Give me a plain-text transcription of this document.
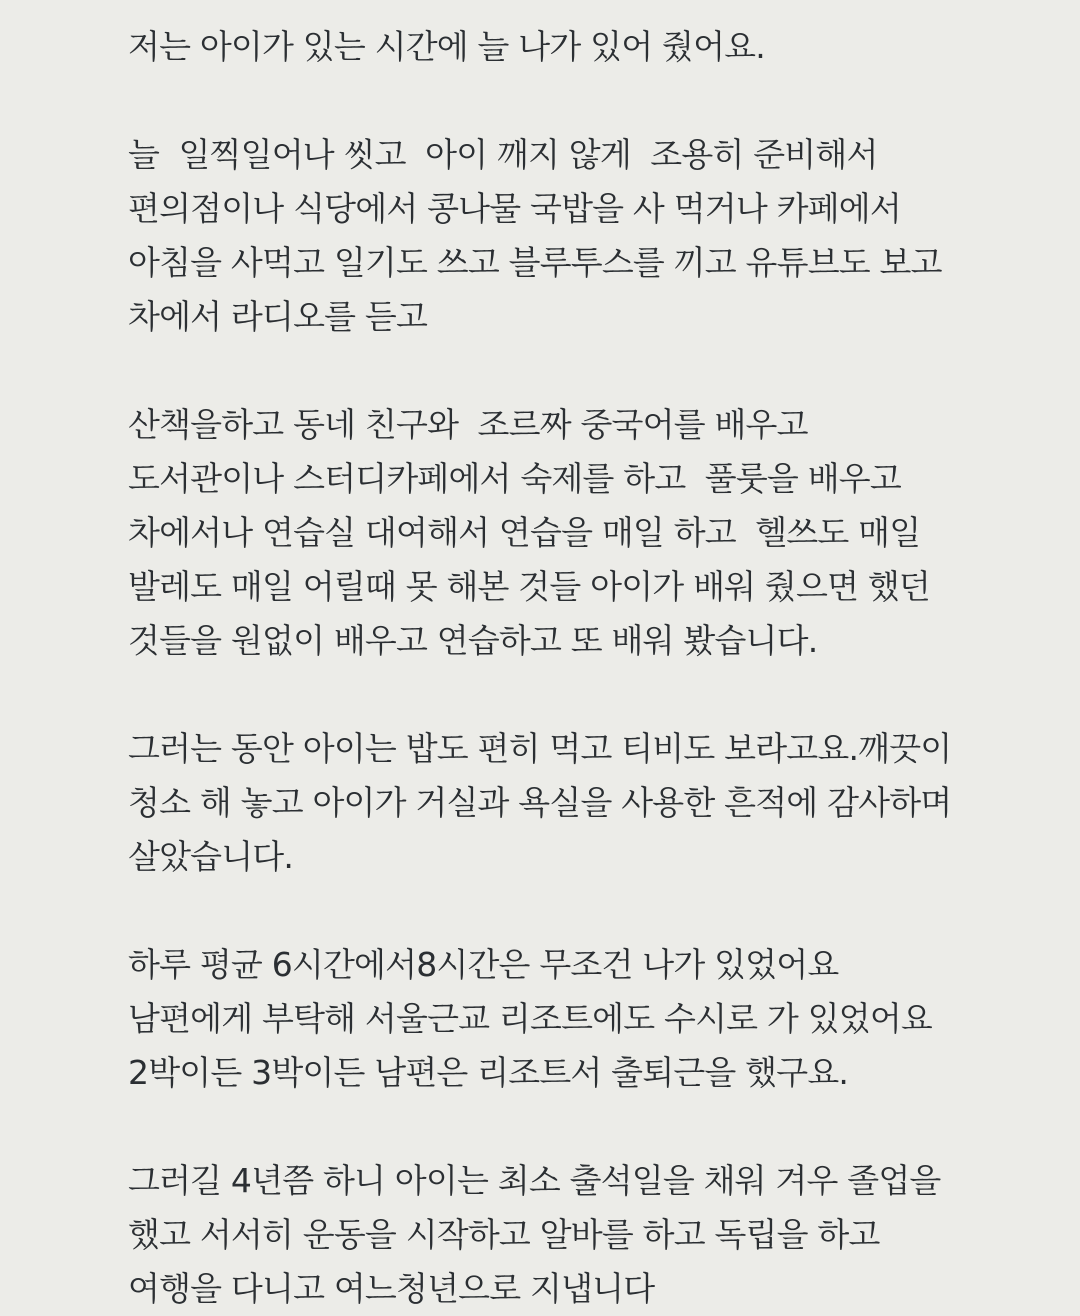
저는 아이가 있는 시간에 늘 나가 있어 줬어요.
늘  일찍일어나 씻고  아이 깨지 않게  조용히 준비해서
편의점이나 식당에서 콩나물 국밥을 사 먹거나 카페에서
아침을 사먹고 일기도 쓰고 블루투스를 끼고 유튜브도 보고
차에서 라디오를 듣고
산책을하고 동네 친구와  조르짜 중국어를 배우고
도서관이나 스터디카페에서 숙제를 하고  풀룻을 배우고
차에서나 연습실 대여해서 연습을 매일 하고  헬쓰도 매일
발레도 매일 어릴때 못 해본 것들 아이가 배워 줬으면 했던
것들을 원없이 배우고 연습하고 또 배워 봤습니다.
그러는 동안 아이는 밥도 편히 먹고 티비도 보라고요.깨끗이
청소 해 놓고 아이가 거실과 욕실을 사용한 흔적에 감사하며
살았습니다.
하루 평균 6시간에서8시간은 무조건 나가 있었어요
남편에게 부탁해 서울근교 리조트에도 수시로 가 있었어요
2박이든 3박이든 남편은 리조트서 출퇴근을 했구요.
그러길 4년쯤 하니 아이는 최소 출석일을 채워 겨우 졸업을
했고 서서히 운동을 시작하고 알바를 하고 독립을 하고
여행을 다니고 여느청년으로 지냅니다
